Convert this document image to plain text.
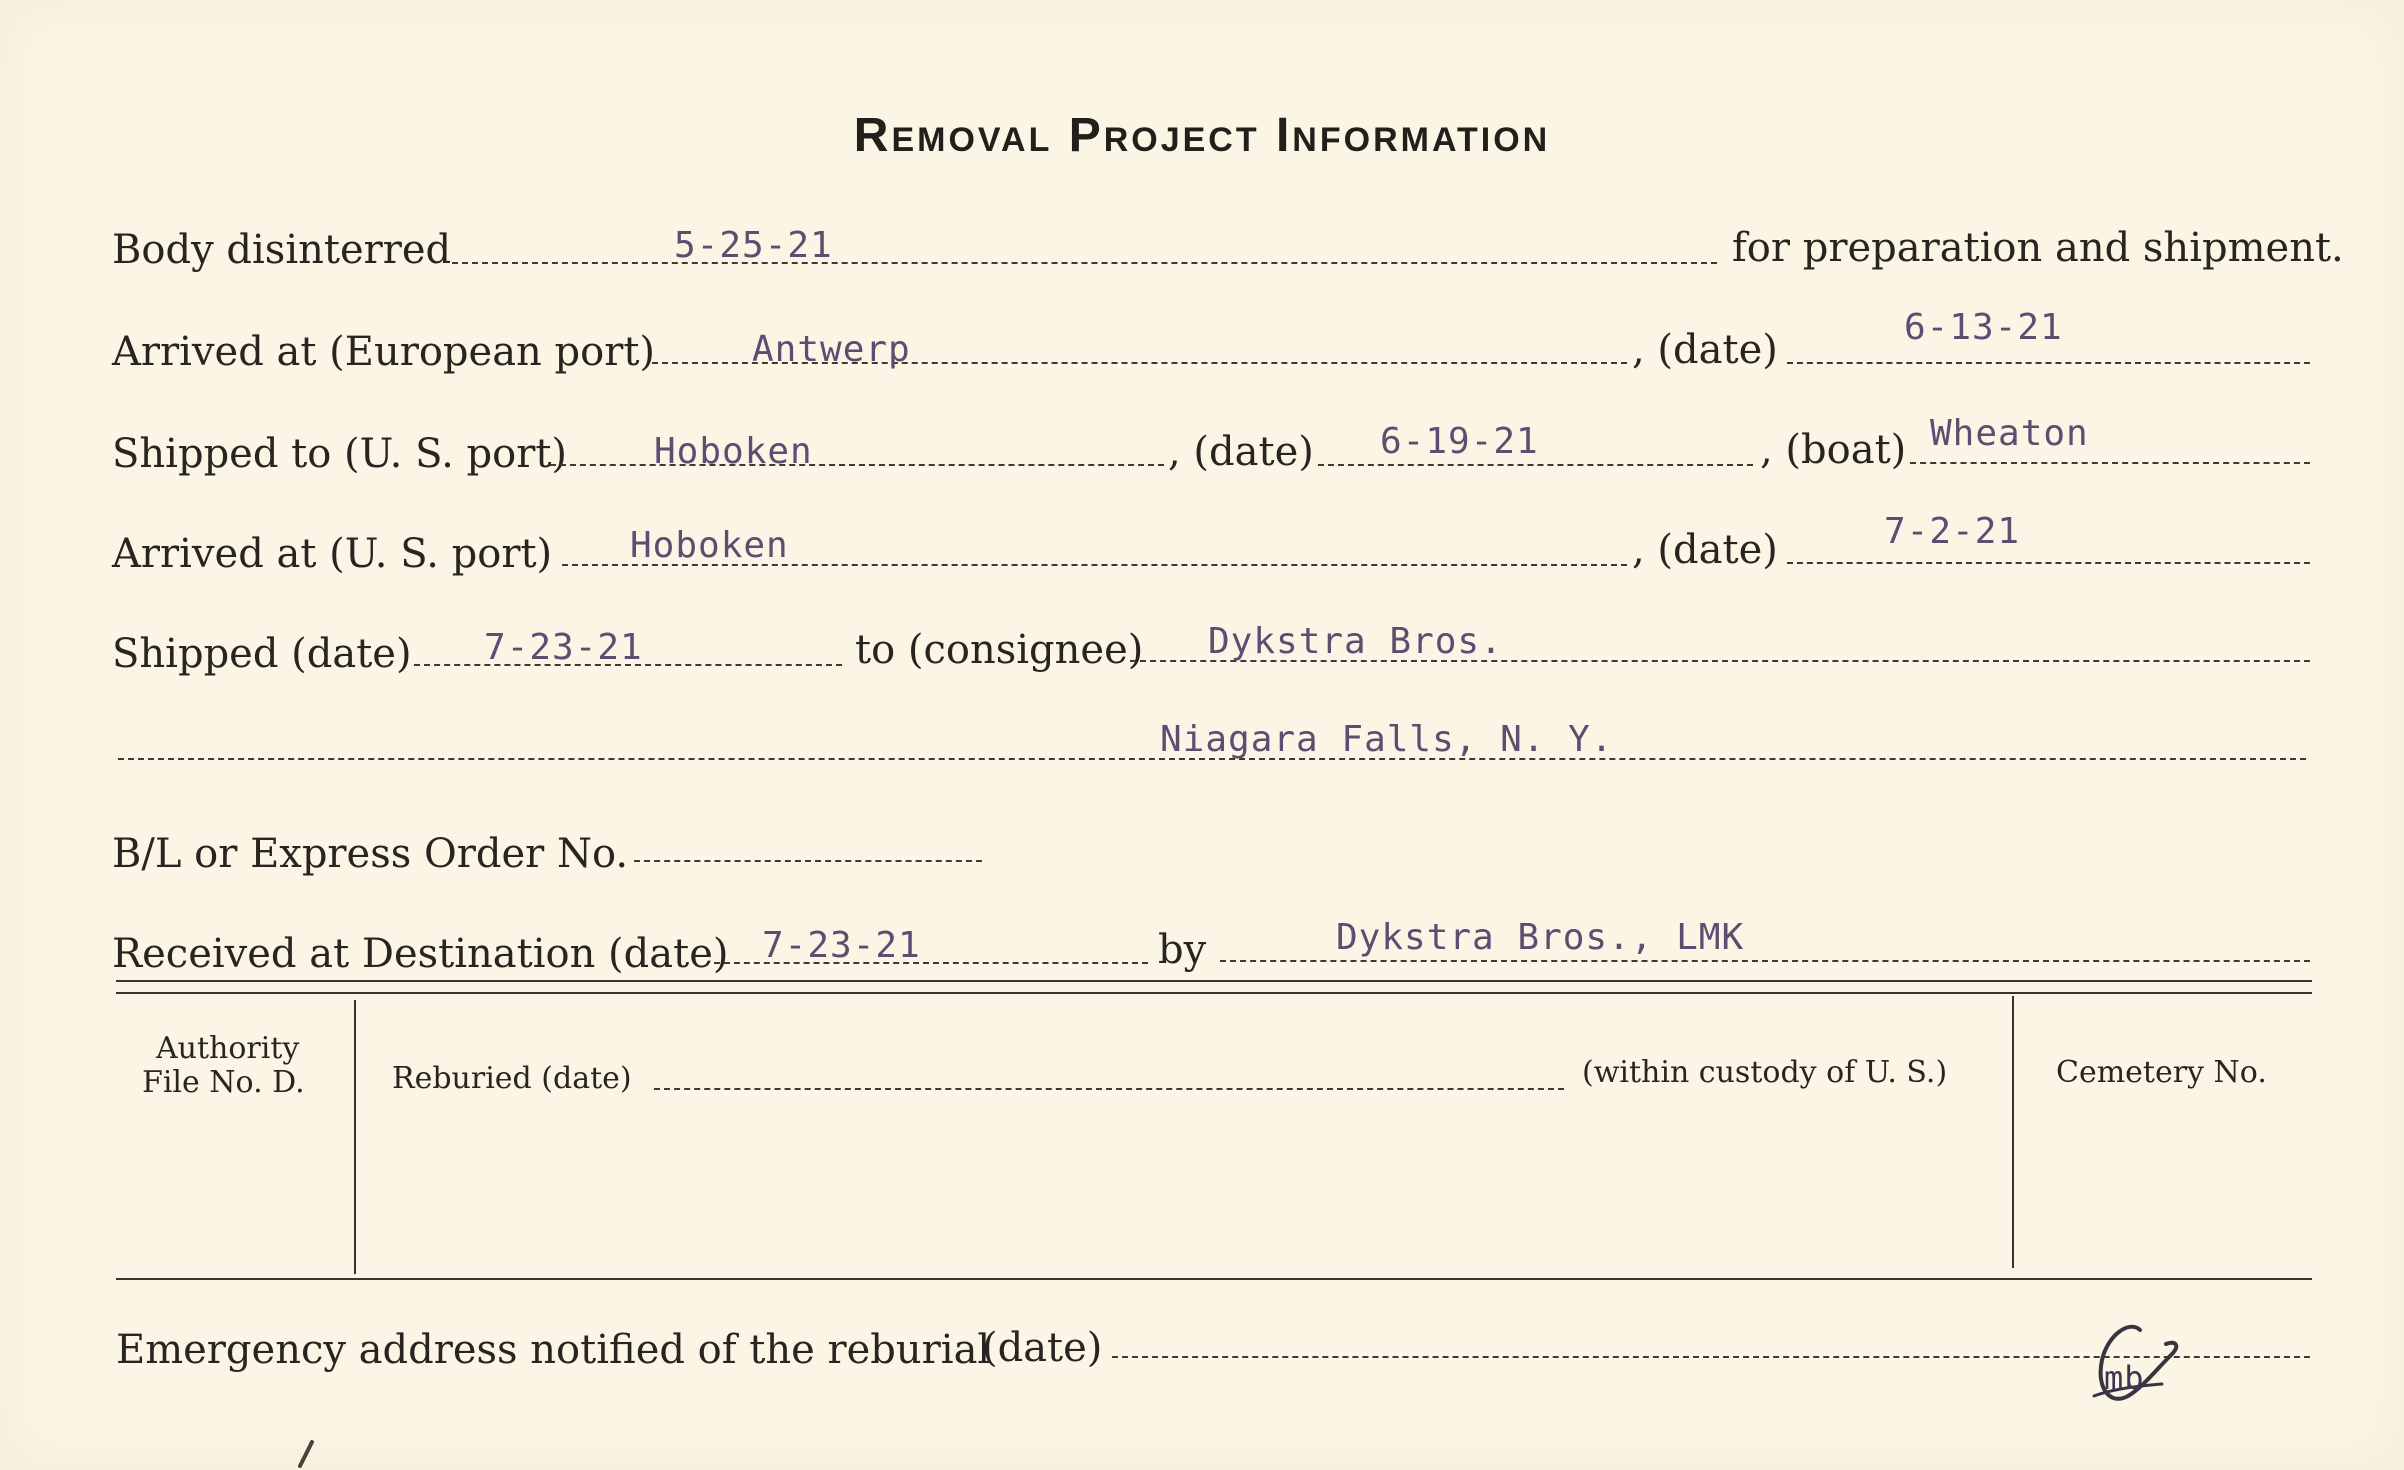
Removal Project Information
Body disinterred	5-25-21	for preparation and shipment.
Arrived at (European port)	Antwerp	, (date)	6-13-21
Shipped to (U. S. port) Hoboken	, (date) 6-19-21	, (boat) Wheaton
Arrived at (U. S. port) Hoboken	, (date)	7-2-21
Shipped (date) 7-23-21	to (consignee) Dykstra Bros.
Niagara Falls, N. Y.
B/L or Express Order No.
Received at Destination (date) 7-23-21	by	Dykstra Bros., LMK
Authority
File No. D.	Reburied (date)	(within custody of U. S.)	Cemetery No.
Emergency address notified of the reburial
(date)
mb
